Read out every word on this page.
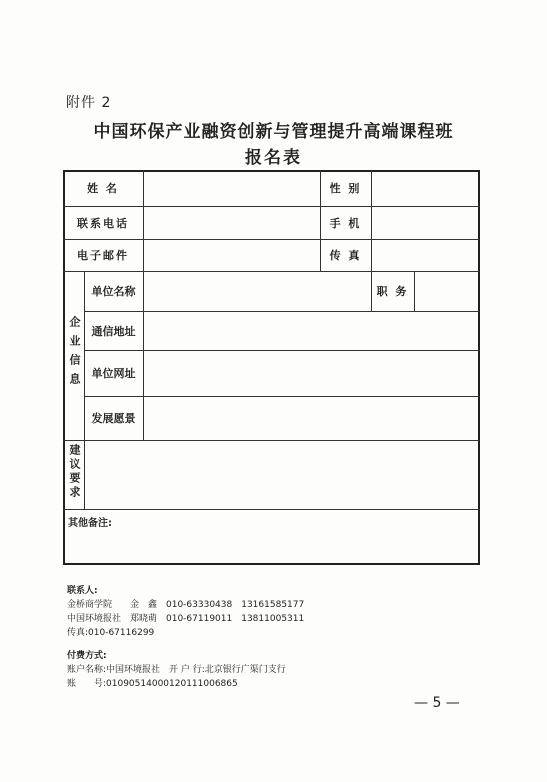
附件 2
中国环保产业融资创新与管理提升高端课程班
报名表
姓 名	性 别
联系电话	手 机
电子邮件	传 真
企业信息
单位名称	职 务
通信地址
单位网址
发展愿景
建议要求
其他备注:
联系人:
金桥商学院　　金　鑫　010-63330438　13161585177
中国环境报社　郑晓萌　010-67119011　13811005311
传真:010-67116299
付费方式:
账户名称:中国环境报社　开 户 行:北京银行广渠门支行
账　　号:01090514000120111006865
— 5 —
